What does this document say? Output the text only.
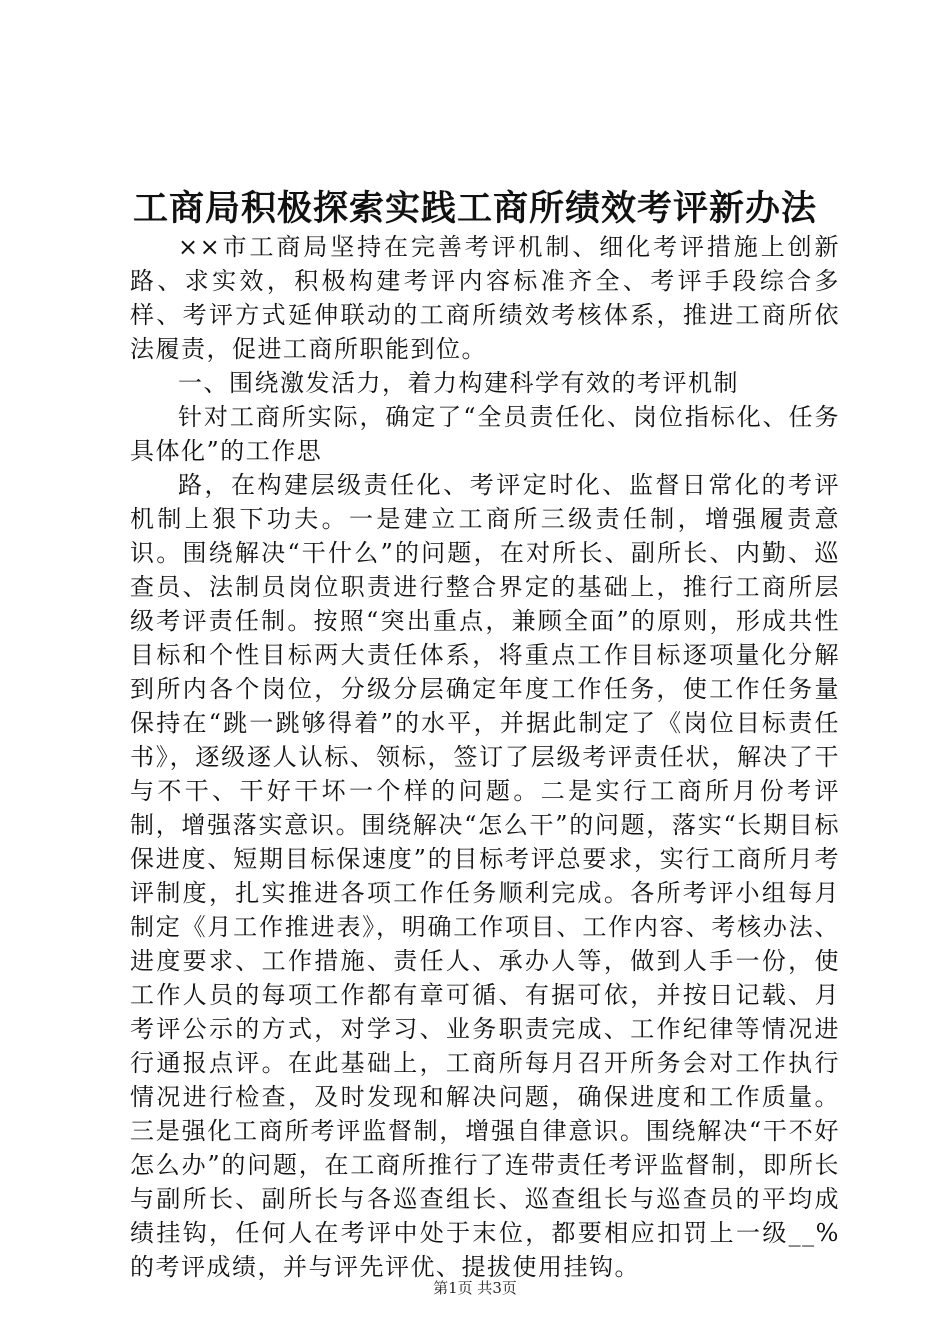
工商局积极探索实践工商所绩效考评新办法

××市工商局坚持在完善考评机制、细化考评措施上创新路、求实效，积极构建考评内容标准齐全、考评手段综合多样、考评方式延伸联动的工商所绩效考核体系，推进工商所依法履责，促进工商所职能到位。

一、围绕激发活力，着力构建科学有效的考评机制

针对工商所实际，确定了“全员责任化、岗位指标化、任务具体化”的工作思

路，在构建层级责任化、考评定时化、监督日常化的考评机制上狠下功夫。一是建立工商所三级责任制，增强履责意识。围绕解决“干什么”的问题，在对所长、副所长、内勤、巡查员、法制员岗位职责进行整合界定的基础上，推行工商所层级考评责任制。按照“突出重点，兼顾全面”的原则，形成共性目标和个性目标两大责任体系，将重点工作目标逐项量化分解到所内各个岗位，分级分层确定年度工作任务，使工作任务量保持在“跳一跳够得着”的水平，并据此制定了《岗位目标责任书》，逐级逐人认标、领标，签订了层级考评责任状，解决了干与不干、干好干坏一个样的问题。二是实行工商所月份考评制，增强落实意识。围绕解决“怎么干”的问题，落实“长期目标保进度、短期目标保速度”的目标考评总要求，实行工商所月考评制度，扎实推进各项工作任务顺利完成。各所考评小组每月制定《月工作推进表》，明确工作项目、工作内容、考核办法、进度要求、工作措施、责任人、承办人等，做到人手一份，使工作人员的每项工作都有章可循、有据可依，并按日记载、月考评公示的方式，对学习、业务职责完成、工作纪律等情况进行通报点评。在此基础上，工商所每月召开所务会对工作执行情况进行检查，及时发现和解决问题，确保进度和工作质量。三是强化工商所考评监督制，增强自律意识。围绕解决“干不好怎么办”的问题，在工商所推行了连带责任考评监督制，即所长与副所长、副所长与各巡查组长、巡查组长与巡查员的平均成绩挂钩，任何人在考评中处于末位，都要相应扣罚上一级__%的考评成绩，并与评先评优、提拔使用挂钩。

第1页 共3页
